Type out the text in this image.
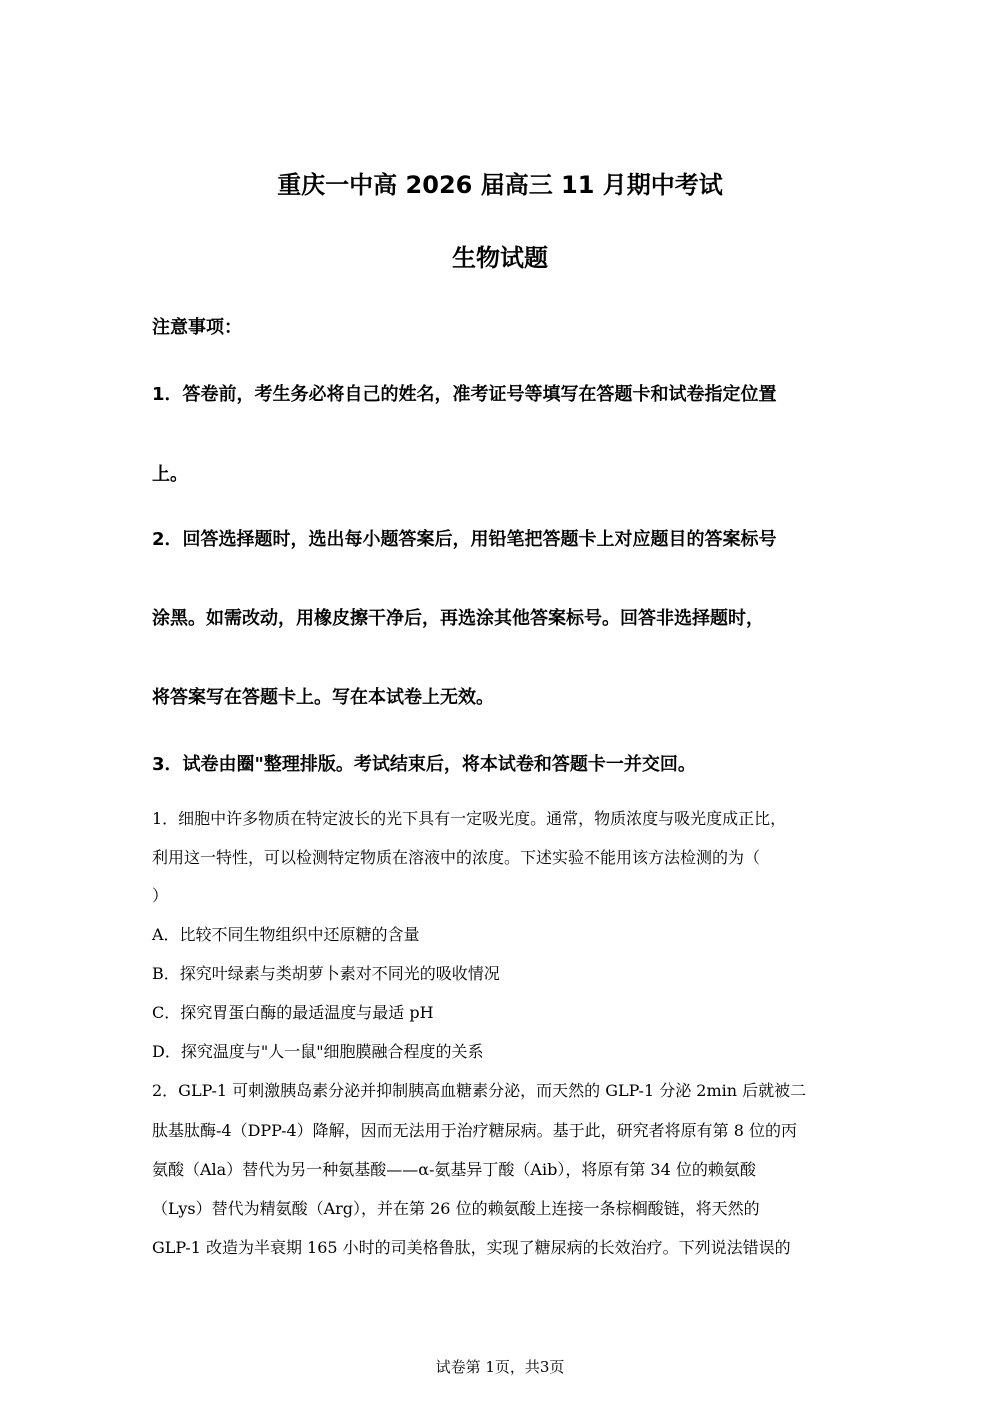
重庆一中高 2026 届高三 11 月期中考试
生物试题
注意事项：
1．答卷前，考生务必将自己的姓名，准考证号等填写在答题卡和试卷指定位置
上。
2．回答选择题时，选出每小题答案后，用铅笔把答题卡上对应题目的答案标号
涂黑。如需改动，用橡皮擦干净后，再选涂其他答案标号。回答非选择题时，
将答案写在答题卡上。写在本试卷上无效。
3．试卷由圈"整理排版。考试结束后，将本试卷和答题卡一并交回。
1．细胞中许多物质在特定波长的光下具有一定吸光度。通常，物质浓度与吸光度成正比，
利用这一特性，可以检测特定物质在溶液中的浓度。下述实验不能用该方法检测的为（
）
A．比较不同生物组织中还原糖的含量
B．探究叶绿素与类胡萝卜素对不同光的吸收情况
C．探究胃蛋白酶的最适温度与最适 pH
D．探究温度与"人一鼠"细胞膜融合程度的关系
2．GLP-1 可刺激胰岛素分泌并抑制胰高血糖素分泌，而天然的 GLP-1 分泌 2min 后就被二
肽基肽酶-4（DPP-4）降解，因而无法用于治疗糖尿病。基于此，研究者将原有第 8 位的丙
氨酸（Ala）替代为另一种氨基酸——α-氨基异丁酸（Aib），将原有第 34 位的赖氨酸
（Lys）替代为精氨酸（Arg），并在第 26 位的赖氨酸上连接一条棕榈酸链，将天然的
GLP-1 改造为半衰期 165 小时的司美格鲁肽，实现了糖尿病的长效治疗。下列说法错误的
试卷第 1页，共3页
